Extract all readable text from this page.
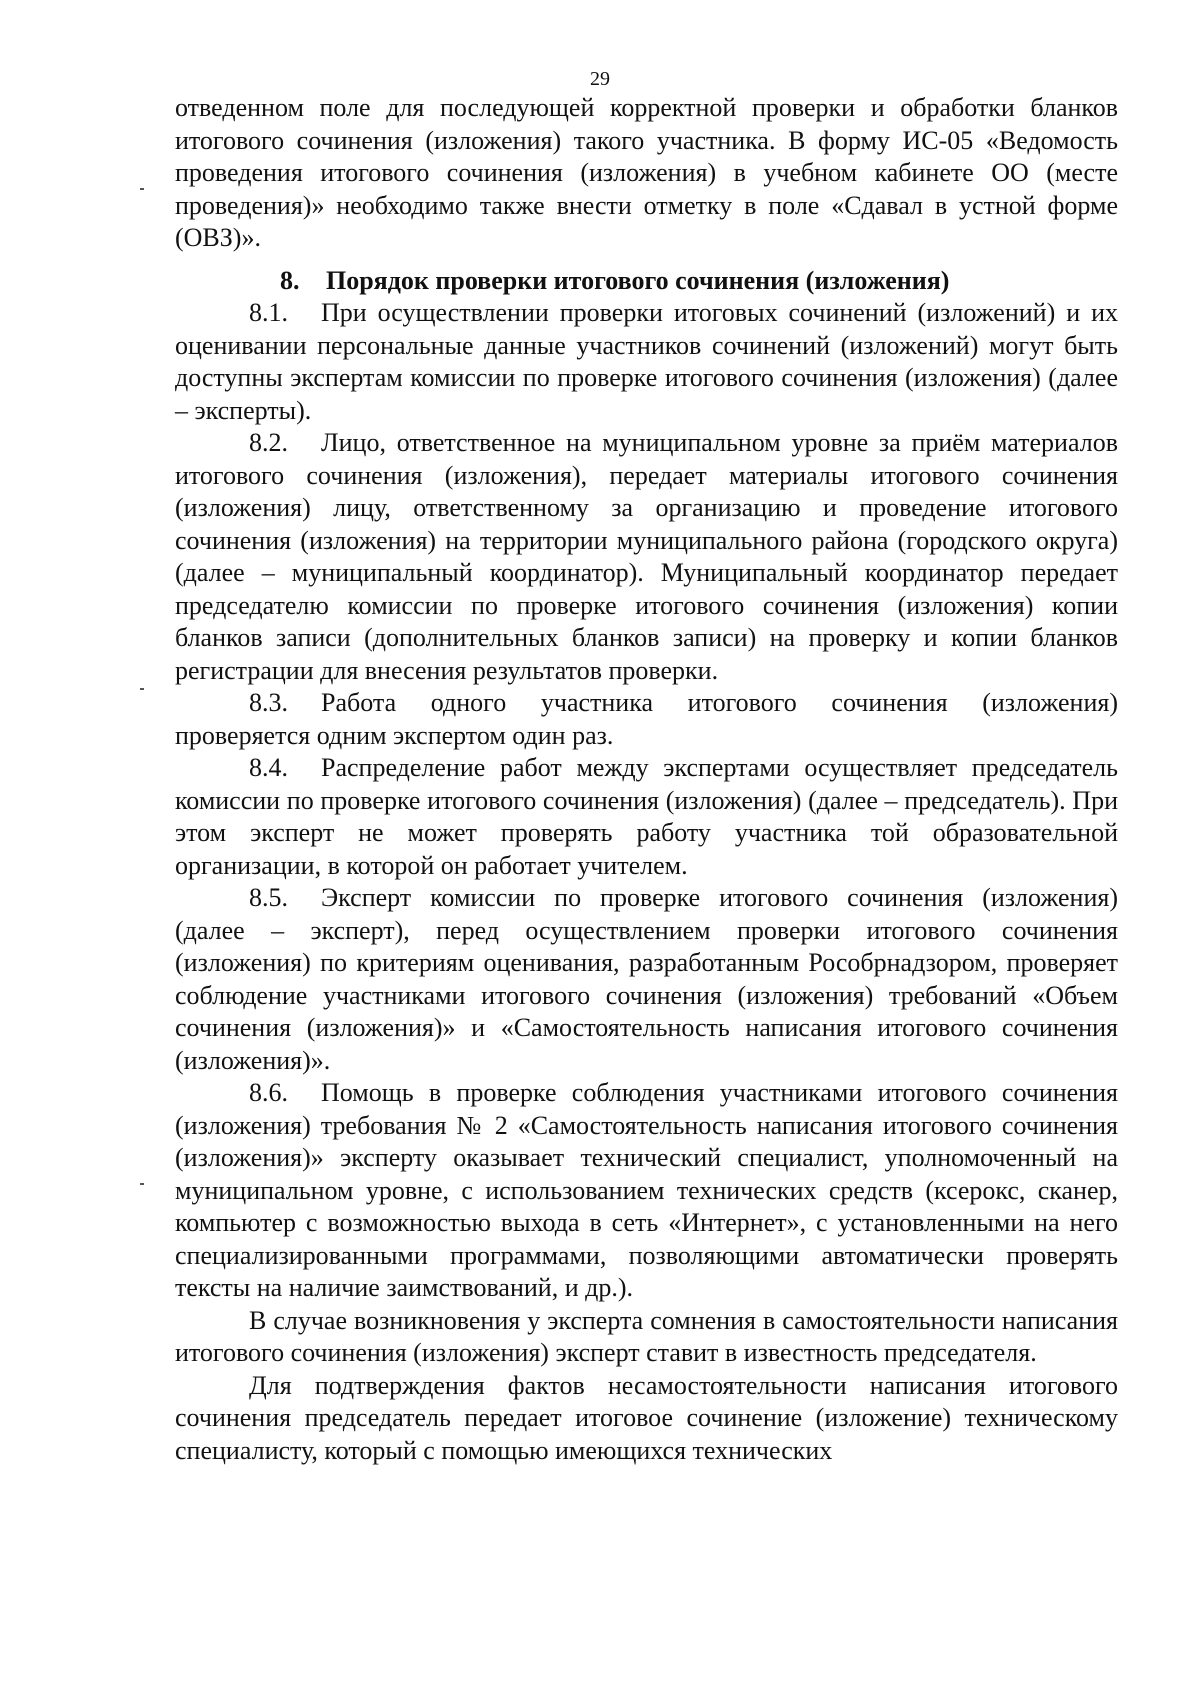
29

отведенном поле для последующей корректной проверки и обработки бланков итогового сочинения (изложения) такого участника. В форму ИС-05 «Ведомость проведения итогового сочинения (изложения) в учебном кабинете ОО (месте проведения)» необходимо также внести отметку в поле «Сдавал в устной форме (ОВЗ)».

8. Порядок проверки итогового сочинения (изложения)

8.1. При осуществлении проверки итоговых сочинений (изложений) и их оценивании персональные данные участников сочинений (изложений) могут быть доступны экспертам комиссии по проверке итогового сочинения (изложения) (далее – эксперты).

8.2. Лицо, ответственное на муниципальном уровне за приём материалов итогового сочинения (изложения), передает материалы итогового сочинения (изложения) лицу, ответственному за организацию и проведение итогового сочинения (изложения) на территории муниципального района (городского округа) (далее – муниципальный координатор). Муниципальный координатор передает председателю комиссии по проверке итогового сочинения (изложения) копии бланков записи (дополнительных бланков записи) на проверку и копии бланков регистрации для внесения результатов проверки.

8.3. Работа одного участника итогового сочинения (изложения) проверяется одним экспертом один раз.

8.4. Распределение работ между экспертами осуществляет председатель комиссии по проверке итогового сочинения (изложения) (далее – председатель). При этом эксперт не может проверять работу участника той образовательной организации, в которой он работает учителем.

8.5. Эксперт комиссии по проверке итогового сочинения (изложения) (далее – эксперт), перед осуществлением проверки итогового сочинения (изложения) по критериям оценивания, разработанным Рособрнадзором, проверяет соблюдение участниками итогового сочинения (изложения) требований «Объем сочинения (изложения)» и «Самостоятельность написания итогового сочинения (изложения)».

8.6. Помощь в проверке соблюдения участниками итогового сочинения (изложения) требования № 2 «Самостоятельность написания итогового сочинения (изложения)» эксперту оказывает технический специалист, уполномоченный на муниципальном уровне, с использованием технических средств (ксерокс, сканер, компьютер с возможностью выхода в сеть «Интернет», с установленными на него специализированными программами, позволяющими автоматически проверять тексты на наличие заимствований, и др.).

В случае возникновения у эксперта сомнения в самостоятельности написания итогового сочинения (изложения) эксперт ставит в известность председателя.

Для подтверждения фактов несамостоятельности написания итогового сочинения председатель передает итоговое сочинение (изложение) техническому специалисту, который с помощью имеющихся технических
